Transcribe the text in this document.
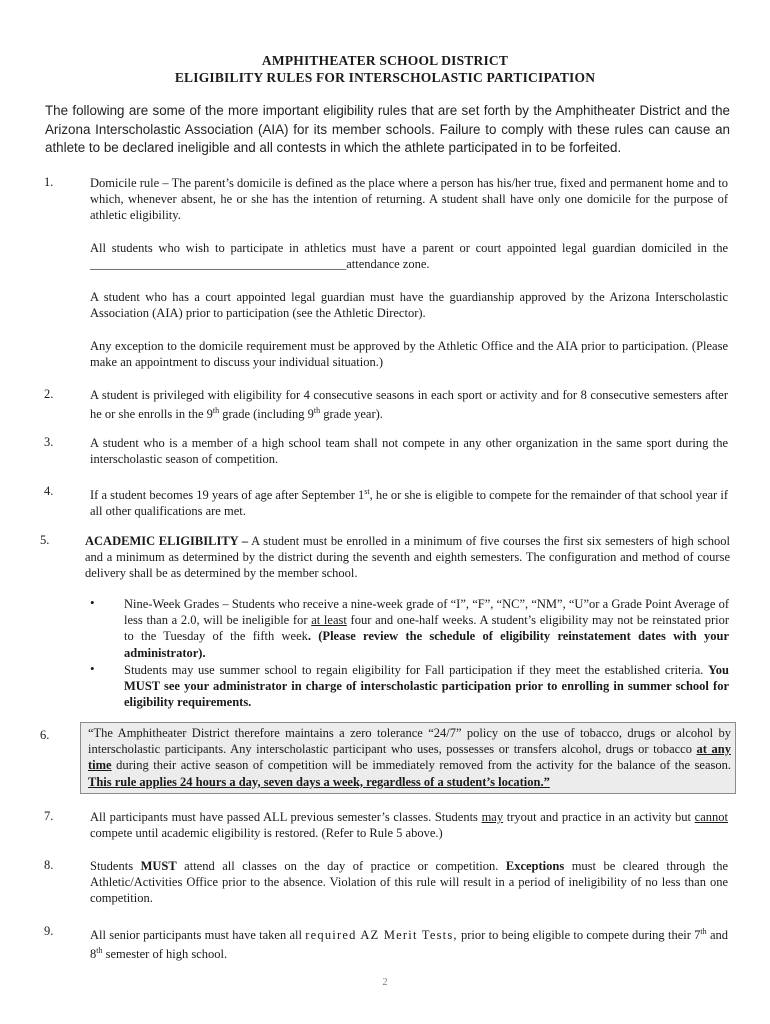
AMPHITHEATER SCHOOL DISTRICT
ELIGIBILITY RULES FOR INTERSCHOLASTIC PARTICIPATION
The following are some of the more important eligibility rules that are set forth by the Amphitheater District and the Arizona Interscholastic Association (AIA) for its member schools. Failure to comply with these rules can cause an athlete to be declared ineligible and all contests in which the athlete participated in to be forfeited.
1.	Domicile rule – The parent’s domicile is defined as the place where a person has his/her true, fixed and permanent home and to which, whenever absent, he or she has the intention of returning. A student shall have only one domicile for the purpose of athletic eligibility.
All students who wish to participate in athletics must have a parent or court appointed legal guardian domiciled in the _________________________________________attendance zone.
A student who has a court appointed legal guardian must have the guardianship approved by the Arizona Interscholastic Association (AIA) prior to participation (see the Athletic Director).
Any exception to the domicile requirement must be approved by the Athletic Office and the AIA prior to participation. (Please make an appointment to discuss your individual situation.)
2.	A student is privileged with eligibility for 4 consecutive seasons in each sport or activity and for 8 consecutive semesters after he or she enrolls in the 9th grade (including 9th grade year).
3.	A student who is a member of a high school team shall not compete in any other organization in the same sport during the interscholastic season of competition.
4.	If a student becomes 19 years of age after September 1st, he or she is eligible to compete for the remainder of that school year if all other qualifications are met.
5.	ACADEMIC ELIGIBILITY – A student must be enrolled in a minimum of five courses the first six semesters of high school and a minimum as determined by the district during the seventh and eighth semesters. The configuration and method of course delivery shall be as determined by the member school.
• Nine-Week Grades – Students who receive a nine-week grade of “I”, “F”, “NC”, “NM”, “U”or a Grade Point Average of less than a 2.0, will be ineligible for at least four and one-half weeks. A student’s eligibility may not be reinstated prior to the Tuesday of the fifth week. (Please review the schedule of eligibility reinstatement dates with your administrator).
• Students may use summer school to regain eligibility for Fall participation if they meet the established criteria. You MUST see your administrator in charge of interscholastic participation prior to enrolling in summer school for eligibility requirements.
6.	“The Amphitheater District therefore maintains a zero tolerance “24/7” policy on the use of tobacco, drugs or alcohol by interscholastic participants. Any interscholastic participant who uses, possesses or transfers alcohol, drugs or tobacco at any time during their active season of competition will be immediately removed from the activity for the balance of the season. This rule applies 24 hours a day, seven days a week, regardless of a student’s location.”
7.	All participants must have passed ALL previous semester’s classes. Students may tryout and practice in an activity but cannot compete until academic eligibility is restored. (Refer to Rule 5 above.)
8.	Students MUST attend all classes on the day of practice or competition. Exceptions must be cleared through the Athletic/Activities Office prior to the absence. Violation of this rule will result in a period of ineligibility of no less than one competition.
9.	All senior participants must have taken all required AZ Merit Tests, prior to being eligible to compete during their 7th and 8th semester of high school.
2
